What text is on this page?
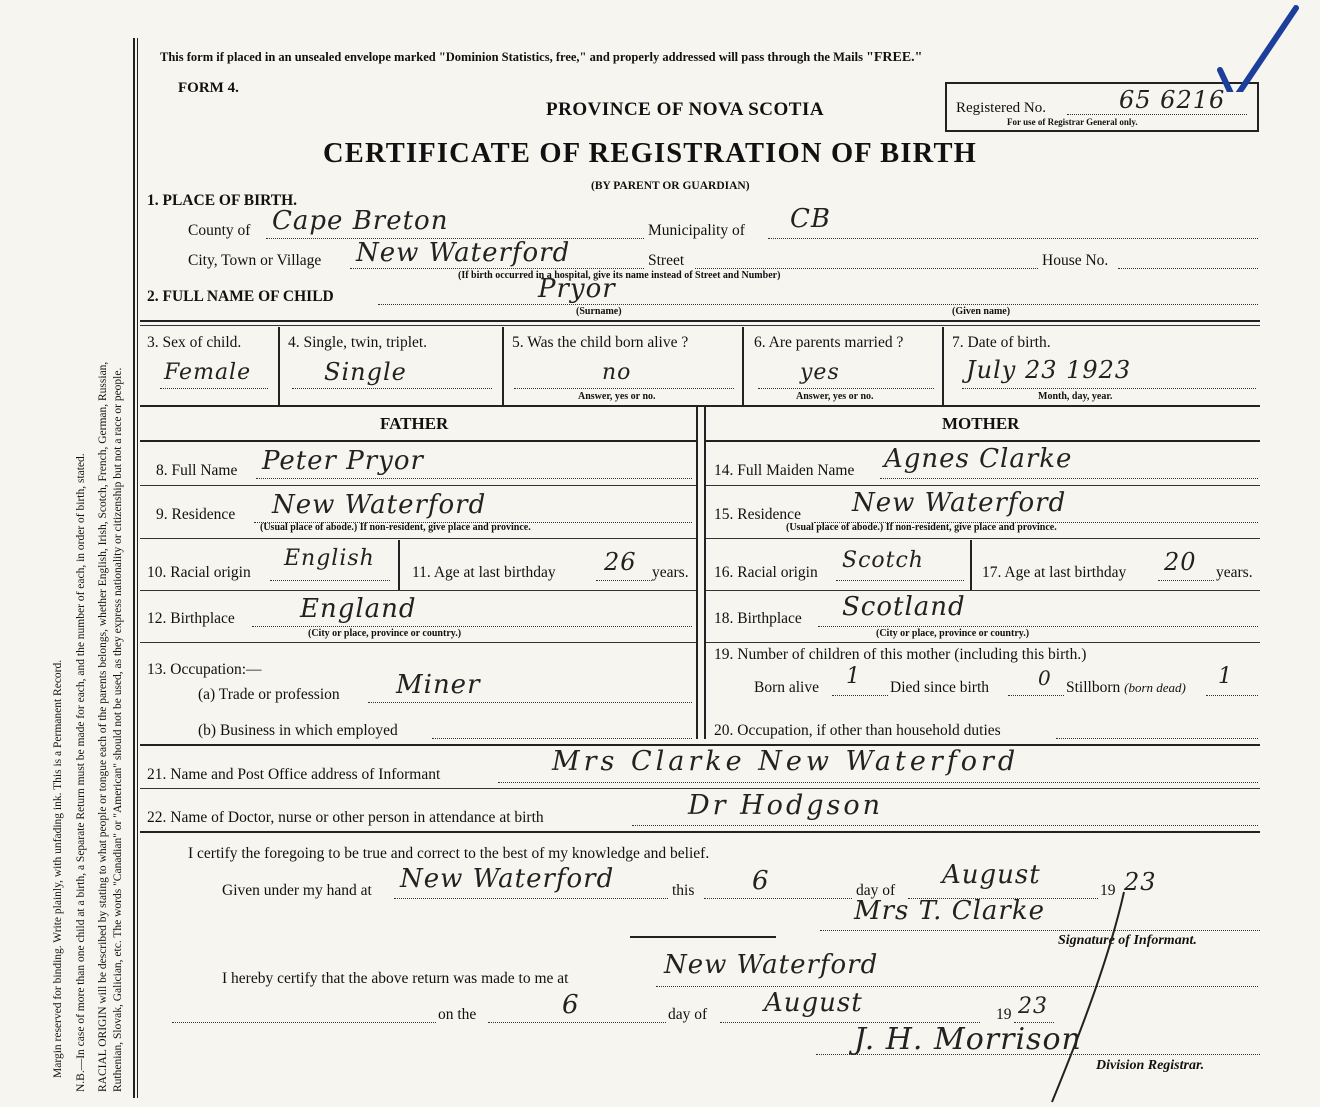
Margin reserved for binding. Write plainly, with unfading ink. This is a Permanent Record. N.B.—In case of more than one child at a birth, a Separate Return must be made for each, and the number of each, in order of birth, stated. RACIAL ORIGIN will be described by stating to what people or tongue each of the parents belongs, whether English, Irish, Scotch, French, German, Russian, Ruthenian, Slovak, Galician, etc. The words "Canadian" or "American" should not be used, as they express nationality or citizenship but not a race or people.
This form if placed in an unsealed envelope marked "Dominion Statistics, free," and properly addressed will pass through the Mails "FREE."
FORM 4.
PROVINCE OF NOVA SCOTIA
CERTIFICATE OF REGISTRATION OF BIRTH
(BY PARENT OR GUARDIAN)
Registered No.	65 6216
For use of Registrar General only.
1. PLACE OF BIRTH.
County of Cape Breton	Municipality of CB
City, Town or Village New Waterford	Street	House No.
(If birth occurred in a hospital, give its name instead of Street and Number)
2. FULL NAME OF CHILD	Pryor
(Surname)	(Given name)
3. Sex of child.
Female
4. Single, twin, triplet.
Single
5. Was the child born alive ?
no
Answer, yes or no.
6. Are parents married ?
yes
Answer, yes or no.
7. Date of birth.
July 23 1923
Month, day, year.
FATHER	MOTHER
8. Full Name Peter Pryor
9. Residence New Waterford
(Usual place of abode.) If non-resident, give place and province.
10. Racial origin
English
11. Age at last birthday 26 years.
12. Birthplace	England
(City or place, province or country.)
13. Occupation:—
(a) Trade or profession Miner
(b) Business in which employed
14. Full Maiden Name Agnes Clarke
15. Residence New Waterford
(Usual place of abode.) If non-resident, give place and province.
16. Racial origin Scotch	17. Age at last birthday 20 years.
18. Birthplace Scotland
(City or place, province or country.)
19. Number of children of this mother (including this birth.)
Born alive 1 Died since birth 0 Stillborn (born dead) 1
20. Occupation, if other than household duties
21. Name and Post Office address of Informant	Mrs Clarke New Waterford
22. Name of Doctor, nurse or other person in attendance at birth	Dr Hodgson
I certify the foregoing to be true and correct to the best of my knowledge and belief.
Given under my hand at New Waterford	this 6	day of
August
19 23
Mrs T. Clarke
Signature of Informant.
I hereby certify that the above return was made to me at	New Waterford
on the	6	day of August	19 23
J. H. Morrison
Division Registrar.
